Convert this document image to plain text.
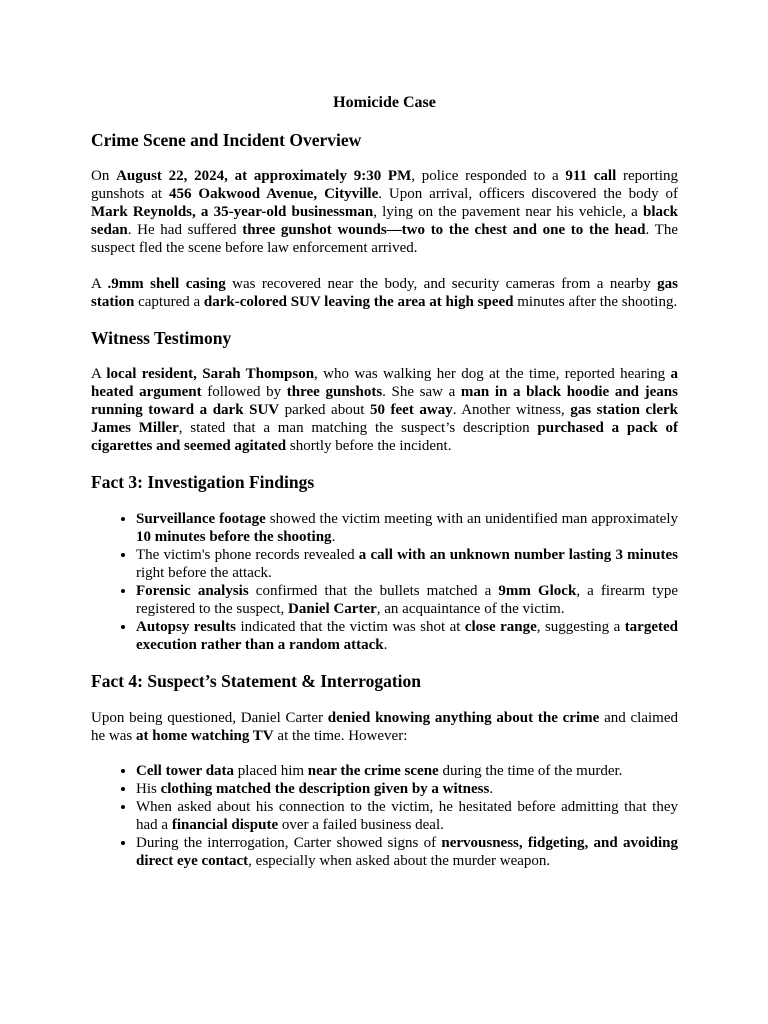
Homicide Case
Crime Scene and Incident Overview

On August 22, 2024, at approximately 9:30 PM, police responded to a 911 call reporting gunshots at 456 Oakwood Avenue, Cityville. Upon arrival, officers discovered the body of Mark Reynolds, a 35-year-old businessman, lying on the pavement near his vehicle, a black sedan. He had suffered three gunshot wounds—two to the chest and one to the head. The suspect fled the scene before law enforcement arrived.

A .9mm shell casing was recovered near the body, and security cameras from a nearby gas station captured a dark-colored SUV leaving the area at high speed minutes after the shooting.

Witness Testimony

A local resident, Sarah Thompson, who was walking her dog at the time, reported hearing a heated argument followed by three gunshots. She saw a man in a black hoodie and jeans running toward a dark SUV parked about 50 feet away. Another witness, gas station clerk James Miller, stated that a man matching the suspect’s description purchased a pack of cigarettes and seemed agitated shortly before the incident.

Fact 3: Investigation Findings
• Surveillance footage showed the victim meeting with an unidentified man approximately 10 minutes before the shooting.
• The victim's phone records revealed a call with an unknown number lasting 3 minutes right before the attack.
• Forensic analysis confirmed that the bullets matched a 9mm Glock, a firearm type registered to the suspect, Daniel Carter, an acquaintance of the victim.
• Autopsy results indicated that the victim was shot at close range, suggesting a targeted execution rather than a random attack.
Fact 4: Suspect’s Statement & Interrogation

Upon being questioned, Daniel Carter denied knowing anything about the crime and claimed he was at home watching TV at the time. However:

• Cell tower data placed him near the crime scene during the time of the murder.
• His clothing matched the description given by a witness.
• When asked about his connection to the victim, he hesitated before admitting that they had a financial dispute over a failed business deal.
• During the interrogation, Carter showed signs of nervousness, fidgeting, and avoiding direct eye contact, especially when asked about the murder weapon.
